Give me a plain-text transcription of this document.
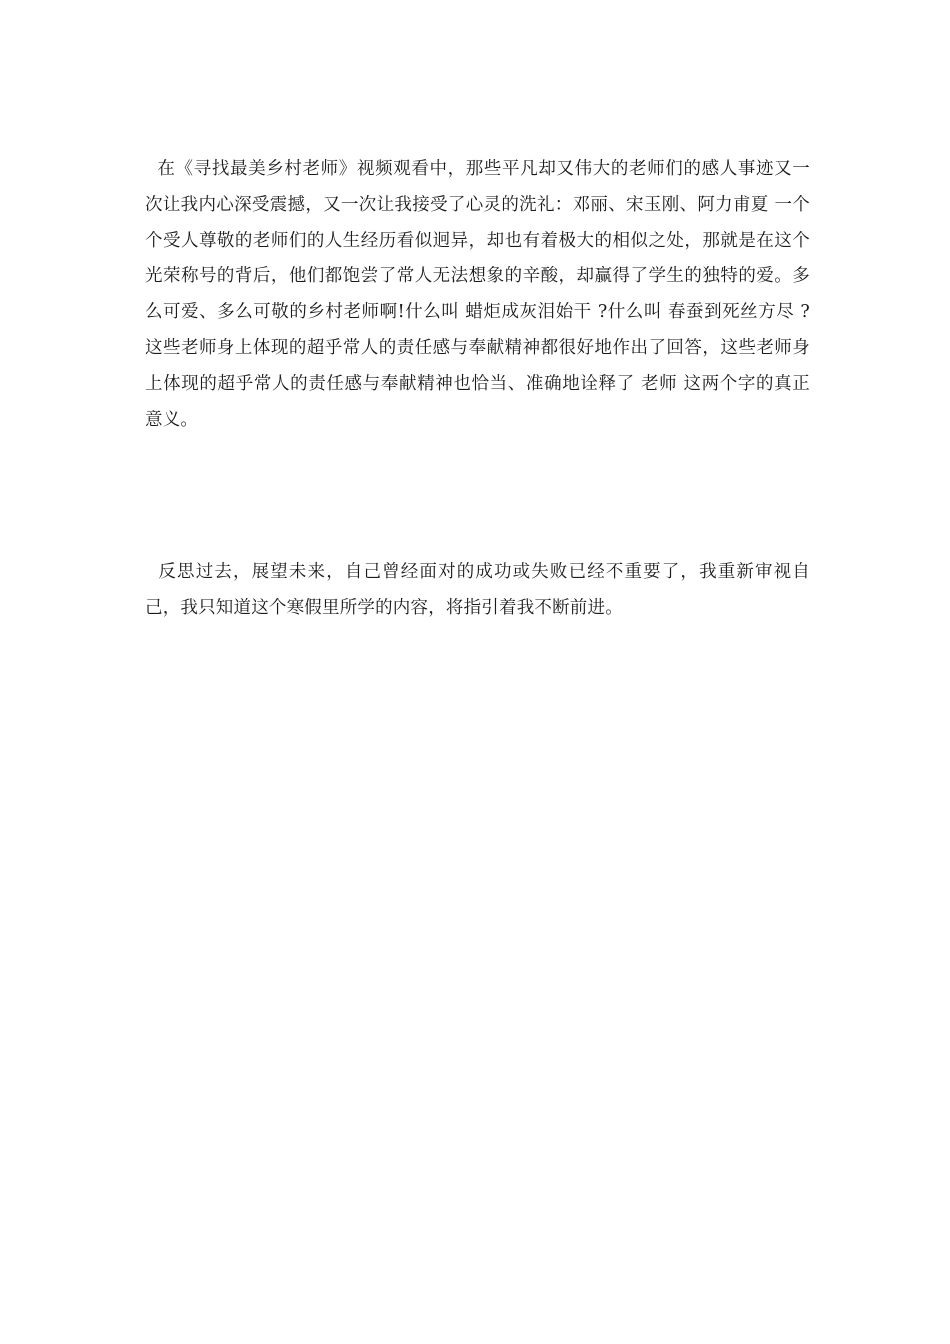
在《寻找最美乡村老师》视频观看中，那些平凡却又伟大的老师们的感人事迹又一次让我内心深受震撼，又一次让我接受了心灵的洗礼：邓丽、宋玉刚、阿力甫夏 一个个受人尊敬的老师们的人生经历看似迥异，却也有着极大的相似之处，那就是在这个光荣称号的背后，他们都饱尝了常人无法想象的辛酸，却赢得了学生的独特的爱。多么可爱、多么可敬的乡村老师啊!什么叫 蜡炬成灰泪始干 ?什么叫 春蚕到死丝方尽 ?这些老师身上体现的超乎常人的责任感与奉献精神都很好地作出了回答，这些老师身上体现的超乎常人的责任感与奉献精神也恰当、准确地诠释了 老师 这两个字的真正意义。

反思过去，展望未来，自己曾经面对的成功或失败已经不重要了，我重新审视自己，我只知道这个寒假里所学的内容，将指引着我不断前进。
